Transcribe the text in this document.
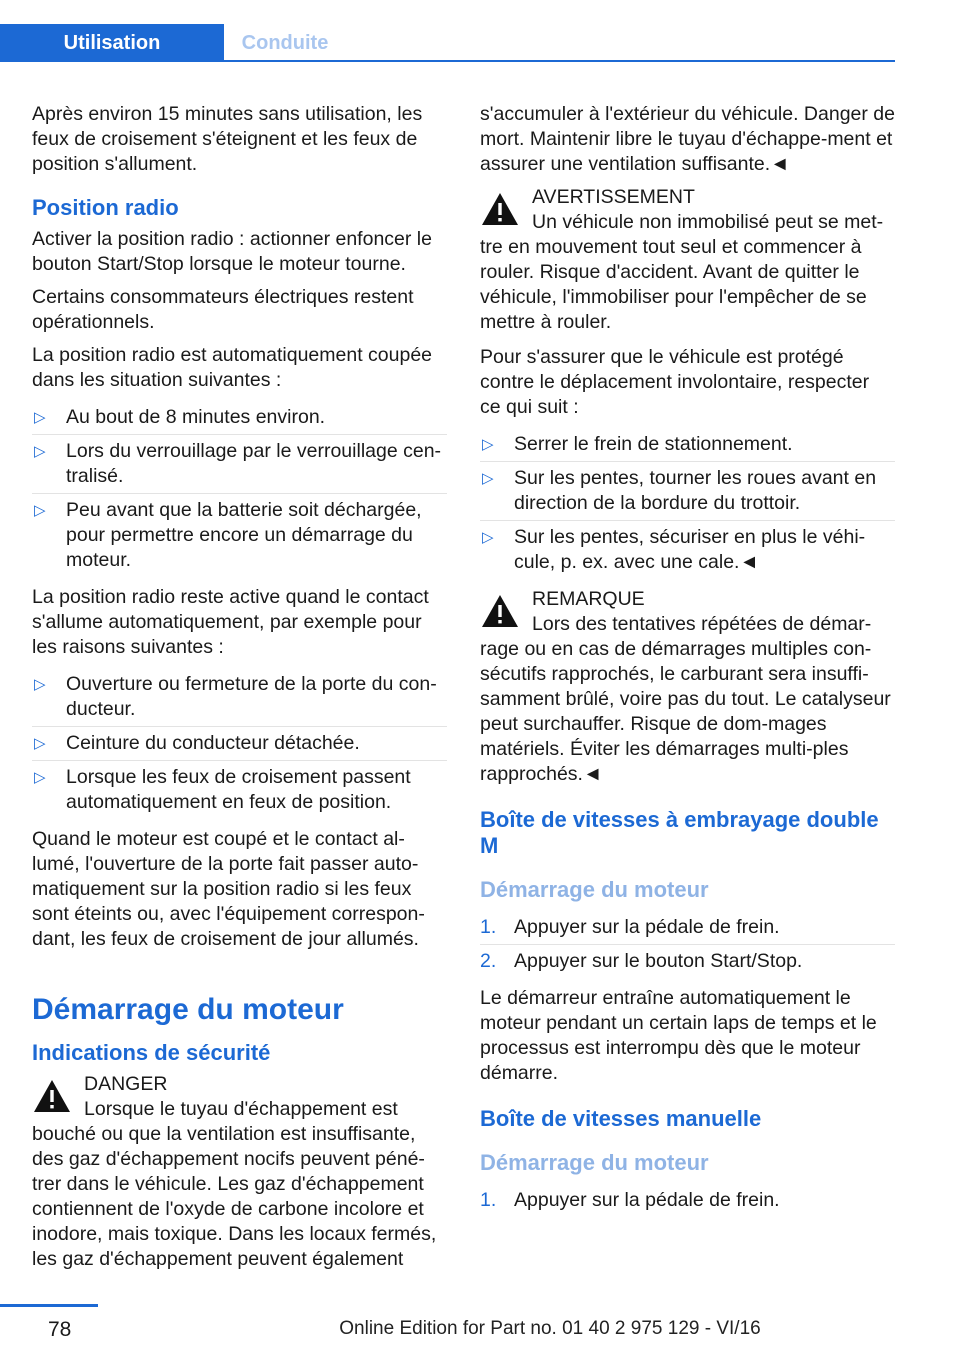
Utilisation	Conduite

Après environ 15 minutes sans utilisation, les feux de croisement s'éteignent et les feux de position s'allument.

Position radio

Activer la position radio : actionner enfoncer le bouton Start/Stop lorsque le moteur tourne.

Certains consommateurs électriques restent opérationnels.

La position radio est automatiquement coupée dans les situation suivantes :

▷ Au bout de 8 minutes environ.
▷ Lors du verrouillage par le verrouillage cen-tralisé.
▷ Peu avant que la batterie soit déchargée, pour permettre encore un démarrage du moteur.

La position radio reste active quand le contact s'allume automatiquement, par exemple pour les raisons suivantes :

▷ Ouverture ou fermeture de la porte du con-ducteur.
▷ Ceinture du conducteur détachée.
▷ Lorsque les feux de croisement passent automatiquement en feux de position.

Quand le moteur est coupé et le contact al-lumé, l'ouverture de la porte fait passer auto-matiquement sur la position radio si les feux sont éteints ou, avec l'équipement correspon-dant, les feux de croisement de jour allumés.

Démarrage du moteur
Indications de sécurité
DANGER
Lorsque le tuyau d'échappement est bouché ou que la ventilation est insuffisante, des gaz d'échappement nocifs peuvent péné-trer dans le véhicule. Les gaz d'échappement contiennent de l'oxyde de carbone incolore et inodore, mais toxique. Dans les locaux fermés, les gaz d'échappement peuvent également

s'accumuler à l'extérieur du véhicule. Danger de mort. Maintenir libre le tuyau d'échappe-ment et assurer une ventilation suffisante.◄

AVERTISSEMENT
Un véhicule non immobilisé peut se met-tre en mouvement tout seul et commencer à rouler. Risque d'accident. Avant de quitter le véhicule, l'immobiliser pour l'empêcher de se mettre à rouler.

Pour s'assurer que le véhicule est protégé contre le déplacement involontaire, respecter ce qui suit :

▷ Serrer le frein de stationnement.
▷ Sur les pentes, tourner les roues avant en direction de la bordure du trottoir.
▷ Sur les pentes, sécuriser en plus le véhi-cule, p. ex. avec une cale.◄
REMARQUE
Lors des tentatives répétées de démar-rage ou en cas de démarrages multiples con-sécutifs rapprochés, le carburant sera insuffi-samment brûlé, voire pas du tout. Le catalyseur peut surchauffer. Risque de dom-mages matériels. Éviter les démarrages multi-ples rapprochés.◄
Boîte de vitesses à embrayage double M
Démarrage du moteur
1. Appuyer sur la pédale de frein.
2. Appuyer sur le bouton Start/Stop.

Le démarreur entraîne automatiquement le moteur pendant un certain laps de temps et le processus est interrompu dès que le moteur démarre.

Boîte de vitesses manuelle
Démarrage du moteur
1. Appuyer sur la pédale de frein.
78	Online Edition for Part no. 01 40 2 975 129 - VI/16
